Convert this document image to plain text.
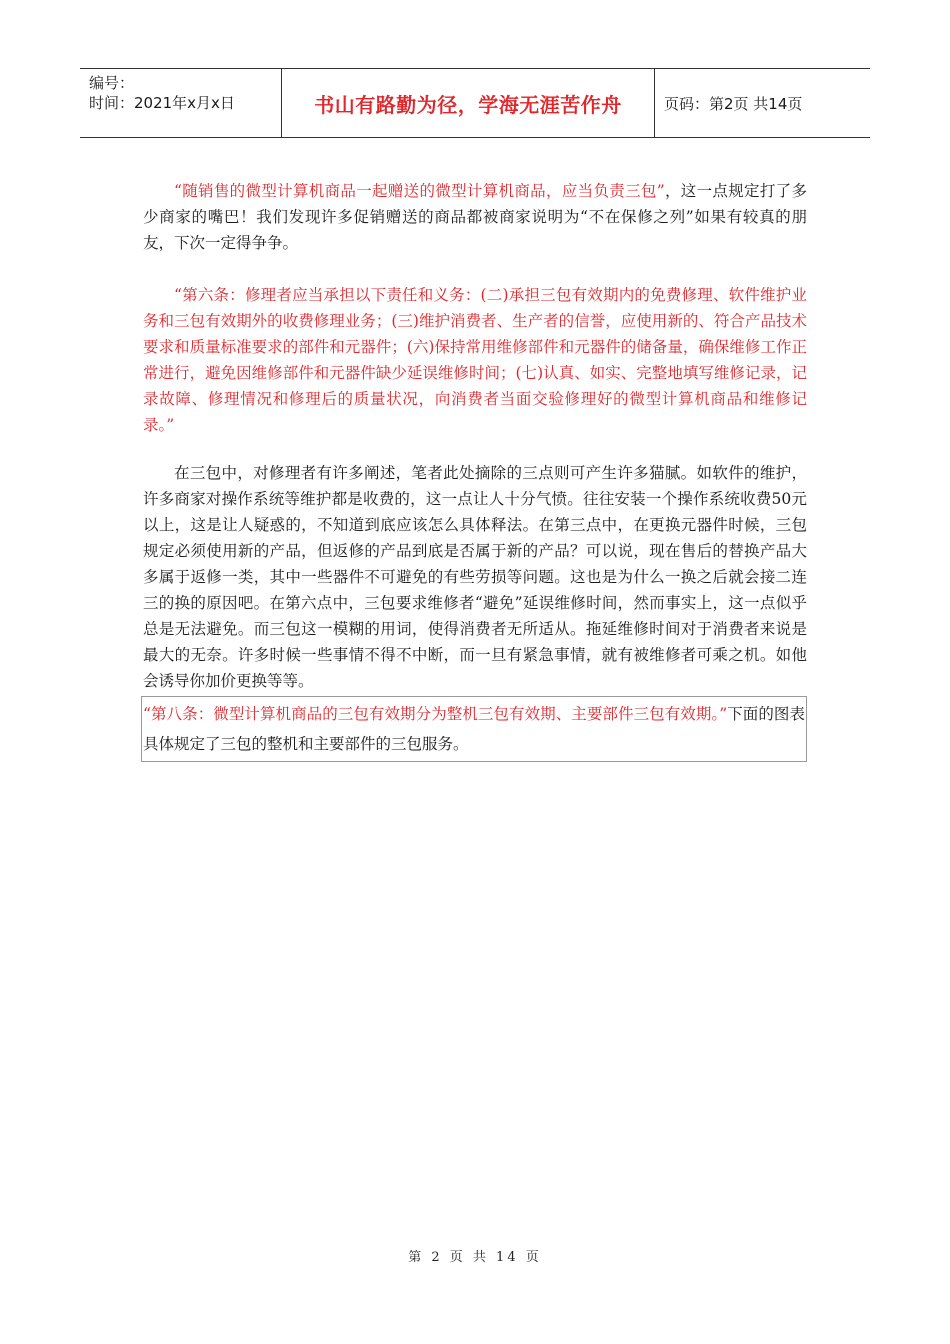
编号：
时间：2021年x月x日	书山有路勤为径，学海无涯苦作舟	页码：第2页 共14页

“随销售的微型计算机商品一起赠送的微型计算机商品，应当负责三包”，这一点规定打了多少商家的嘴巴！我们发现许多促销赠送的商品都被商家说明为“不在保修之列”如果有较真的朋友，下次一定得争争。

“第六条：修理者应当承担以下责任和义务：(二)承担三包有效期内的免费修理、软件维护业务和三包有效期外的收费修理业务；(三)维护消费者、生产者的信誉，应使用新的、符合产品技术要求和质量标准要求的部件和元器件；(六)保持常用维修部件和元器件的储备量，确保维修工作正常进行，避免因维修部件和元器件缺少延误维修时间；(七)认真、如实、完整地填写维修记录，记录故障、修理情况和修理后的质量状况，向消费者当面交验修理好的微型计算机商品和维修记录。”

在三包中，对修理者有许多阐述，笔者此处摘除的三点则可产生许多猫腻。如软件的维护，许多商家对操作系统等维护都是收费的，这一点让人十分气愤。往往安装一个操作系统收费50元以上，这是让人疑惑的，不知道到底应该怎么具体释法。在第三点中，在更换元器件时候，三包规定必须使用新的产品，但返修的产品到底是否属于新的产品？可以说，现在售后的替换产品大多属于返修一类，其中一些器件不可避免的有些劳损等问题。这也是为什么一换之后就会接二连三的换的原因吧。在第六点中，三包要求维修者“避免”延误维修时间，然而事实上，这一点似乎总是无法避免。而三包这一模糊的用词，使得消费者无所适从。拖延维修时间对于消费者来说是最大的无奈。许多时候一些事情不得不中断，而一旦有紧急事情，就有被维修者可乘之机。如他会诱导你加价更换等等。

“第八条：微型计算机商品的三包有效期分为整机三包有效期、主要部件三包有效期。”下面的图表具体规定了三包的整机和主要部件的三包服务。
第 2 页 共 14 页
